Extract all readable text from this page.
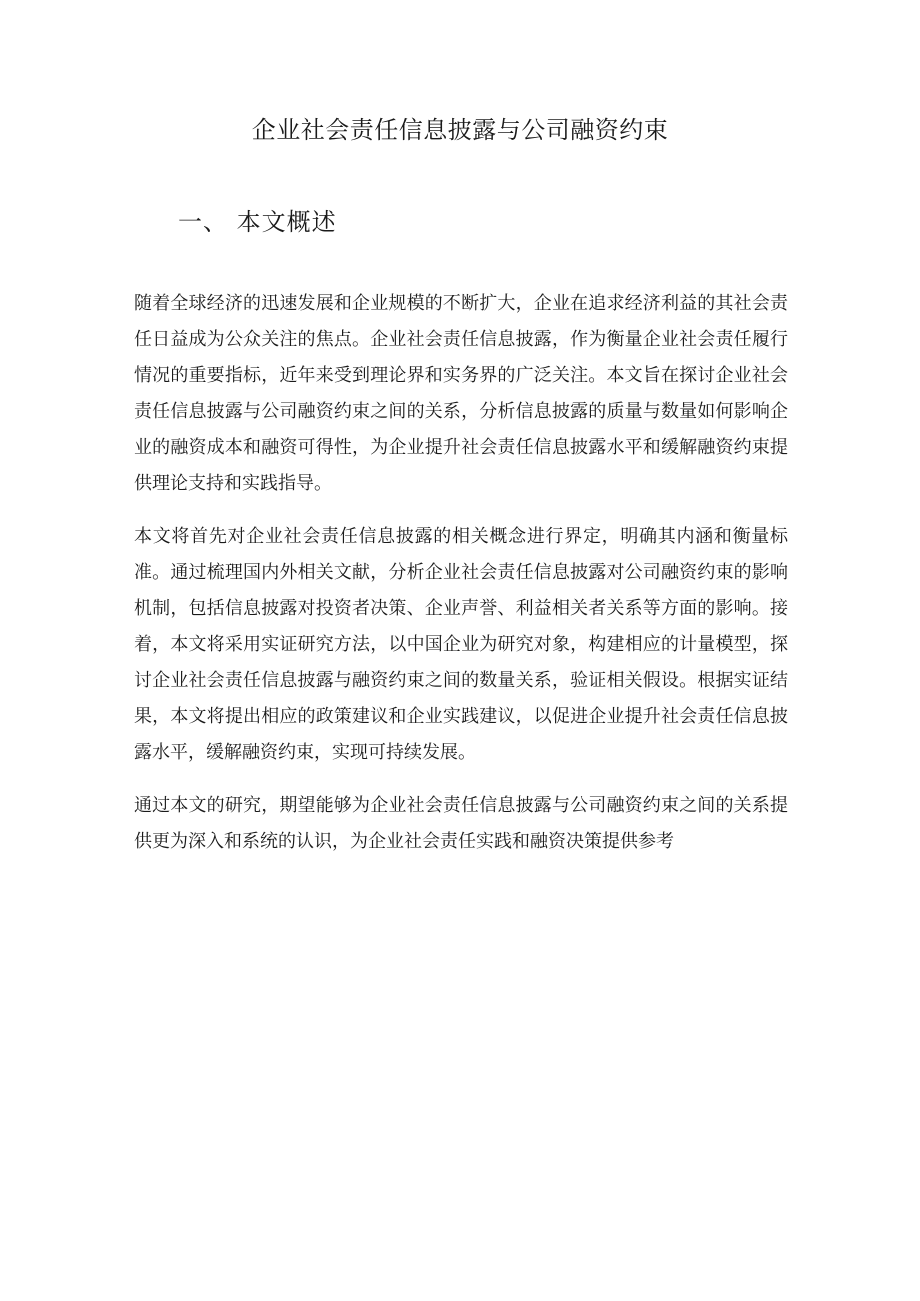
企业社会责任信息披露与公司融资约束
一、 本文概述

随着全球经济的迅速发展和企业规模的不断扩大，企业在追求经济利益的其社会责任日益成为公众关注的焦点。企业社会责任信息披露，作为衡量企业社会责任履行情况的重要指标，近年来受到理论界和实务界的广泛关注。本文旨在探讨企业社会责任信息披露与公司融资约束之间的关系，分析信息披露的质量与数量如何影响企业的融资成本和融资可得性，为企业提升社会责任信息披露水平和缓解融资约束提供理论支持和实践指导。

本文将首先对企业社会责任信息披露的相关概念进行界定，明确其内涵和衡量标准。通过梳理国内外相关文献，分析企业社会责任信息披露对公司融资约束的影响机制，包括信息披露对投资者决策、企业声誉、利益相关者关系等方面的影响。接着，本文将采用实证研究方法，以中国企业为研究对象，构建相应的计量模型，探讨企业社会责任信息披露与融资约束之间的数量关系，验证相关假设。根据实证结果，本文将提出相应的政策建议和企业实践建议，以促进企业提升社会责任信息披露水平，缓解融资约束，实现可持续发展。

通过本文的研究，期望能够为企业社会责任信息披露与公司融资约束之间的关系提供更为深入和系统的认识，为企业社会责任实践和融资决策提供参考
